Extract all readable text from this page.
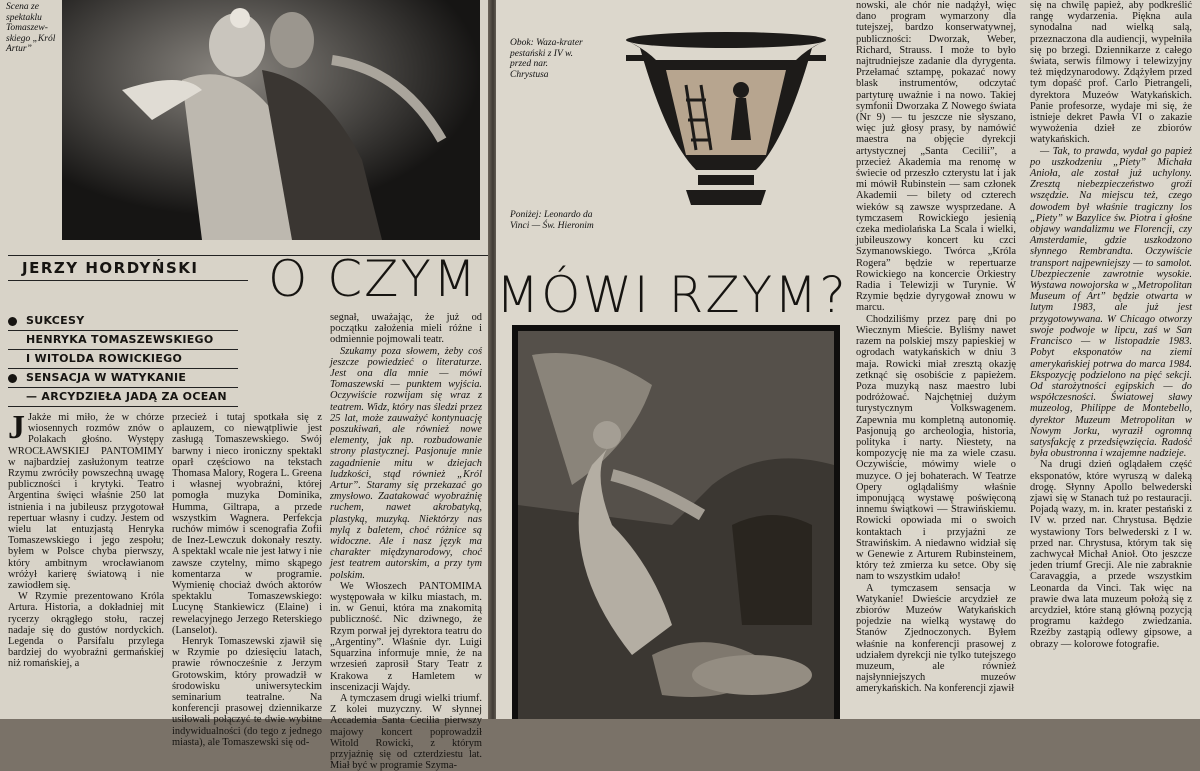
Scena ze spektaklu Tomaszew-skiego „Król Artur”
JERZY HORDYŃSKI O CZYM
SUKCESY
HENRYKA TOMASZEWSKIEGO
I WITOLDA ROWICKIEGO
SENSACJA W WATYKANIE
— ARCYDZIEŁA JADĄ ZA OCEAN

J Jakże mi miło, że w chórze wiosennych rozmów znów o Polakach głośno. Występy WROCŁAWSKIEJ PANTOMIMY w najbardziej zasłużonym teatrze Rzymu zwróciły powszechną uwagę publiczności i krytyki. Teatro Argentina święci właśnie 250 lat istnienia i na jubileusz przygotował repertuar własny i cudzy. Jestem od wielu lat entuzjastą Henryka Tomaszewskiego i jego zespołu; byłem w Polsce chyba pierwszy, który ambitnym wrocławianom wróżył karierę światową i nie zawiodłem się.

W Rzymie prezentowano Króla Artura. Historia, a dokładniej mit rycerzy okrągłego stołu, raczej nadaje się do gustów nordyckich. Legenda o Parsifalu przylega bardziej do wyobraźni germańskiej niż romańskiej, a

przecież i tutaj spotkała się z aplauzem, co niewątpliwie jest zasługą Tomaszewskiego. Swój barwny i nieco ironiczny spektakl oparł częściowo na tekstach Thomasa Malory, Rogera L. Greena i własnej wyobraźni, której pomogła muzyka Dominika, Humma, Giltrapa, a przede wszystkim Wagnera. Perfekcja ruchów mimów i scenografia Zofii de Inez-Lewczuk dokonały reszty. A spektakl wcale nie jest łatwy i nie zawsze czytelny, mimo skąpego komentarza w programie. Wymienię chociaż dwóch aktorów spektaklu Tomaszewskiego: Lucynę Stankiewicz (Elaine) i rewelacyjnego Jerzego Reterskiego (Lanselot).

Henryk Tomaszewski zjawił się w Rzymie po dziesięciu latach, prawie równocześnie z Jerzym Grotowskim, który prowadził w środowisku uniwersyteckim seminarium teatralne. Na konferencji prasowej dziennikarze usiłowali połączyć te dwie wybitne indywidualności (do tego z jednego miasta), ale Tomaszewski się od-

segnał, uważając, że już od początku założenia mieli różne i odmiennie pojmowali teatr.

Szukamy poza słowem, żeby coś jeszcze powiedzieć o literaturze. Jest ona dla mnie — mówi Tomaszewski — punktem wyjścia. Oczywiście rozwijam się wraz z teatrem. Widz, który nas śledzi przez 25 lat, może zauważyć kontynuację poszukiwań, ale również nowe elementy, jak np. rozbudowanie strony plastycznej. Pasjonuje mnie zagadnienie mitu w dziejach ludzkości, stąd również „Król Artur”. Staramy się przekazać go zmysłowo. Zaatakować wyobraźnię ruchem, nawet akrobatyką, plastyką, muzyką. Niektórzy nas mylą z baletem, choć różnice są widoczne. Ale i nasz język ma charakter międzynarodowy, choć jest teatrem autorskim, a przy tym polskim.

We Włoszech PANTOMIMA występowała w kilku miastach, m. in. w Genui, która ma znakomitą publiczność. Nic dziwnego, że Rzym porwał jej dyrektora teatru do „Argentiny”. Właśnie dyr. Luigi Squarzina informuje mnie, że na wrzesień zaprosił Stary Teatr z Krakowa z Hamletem w inscenizacji Wajdy.

A tymczasem drugi wielki triumf. Z kolei muzyczny. W słynnej Accademia Santa Cecilia pierwszy majowy koncert poprowadził Witold Rowicki, z którym przyjaźnię się od czterdziestu lat. Miał być w programie Szyma-

Obok: Waza-krater pestański z IV w. przed nar. Chrystusa
Poniżej: Leonardo da Vinci — Św. Hieronim
MÓWI RZYM?

nowski, ale chór nie nadążył, więc dano program wymarzony dla tutejszej, bardzo konserwatywnej, publiczności: Dworzak, Weber, Richard, Strauss. I może to było najtrudniejsze zadanie dla dyrygenta. Przełamać sztampę, pokazać nowy blask instrumentów, odczytać partyturę uważnie i na nowo. Takiej symfonii Dworzaka Z Nowego świata (Nr 9) — tu jeszcze nie słyszano, więc już głosy prasy, by namówić maestra na objęcie dyrekcji artystycznej „Santa Cecilii”, a przecież Akademia ma renomę w świecie od przeszło czterystu lat i jak mi mówił Rubinstein — sam członek Akademii — bilety od czterech wieków są zawsze wysprzedane. A tymczasem Rowickiego jesienią czeka mediolańska La Scala i wielki, jubileuszowy koncert ku czci Szymanowskiego. Twórca „Króla Rogera” będzie w repertuarze Rowickiego na koncercie Orkiestry Radia i Telewizji w Turynie. W Rzymie będzie dyrygował znowu w marcu.

Chodziliśmy przez parę dni po Wiecznym Mieście. Byliśmy nawet razem na polskiej mszy papieskiej w ogrodach watykańskich w dniu 3 maja. Rowicki miał zresztą okazję zetknąć się osobiście z papieżem. Poza muzyką nasz maestro lubi podróżować. Najchętniej dużym turystycznym Volkswagenem. Zapewnia mu kompletną autonomię. Pasjonują go archeologia, historia, polityka i narty. Niestety, na kompozycję nie ma za wiele czasu. Oczywiście, mówimy wiele o muzyce. O jej bohaterach. W Teatrze Opery oglądaliśmy właśnie imponującą wystawę poświęconą innemu świątkowi — Strawińskiemu. Rowicki opowiada mi o swoich kontaktach i przyjaźni ze Strawińskim. A niedawno widział się w Genewie z Arturem Rubinsteinem, który też zmierza ku setce. Oby się nam to wszystkim udało!

A tymczasem sensacja w Watykanie! Dwieście arcydzieł ze zbiorów Muzeów Watykańskich pojedzie na wielką wystawę do Stanów Zjednoczonych. Byłem właśnie na konferencji prasowej z udziałem dyrekcji nie tylko tutejszego muzeum, ale również najsłynniejszych muzeów amerykańskich. Na konferencji zjawił

się na chwilę papież, aby podkreślić rangę wydarzenia. Piękna aula synodalna nad wielką salą, przeznaczona dla audiencji, wypełniła się po brzegi. Dziennikarze z całego świata, serwis filmowy i telewizyjny też międzynarodowy. Zdążyłem przed tym dopaść prof. Carlo Pietrangeli, dyrektora Muzeów Watykańskich. Panie profesorze, wydaje mi się, że istnieje dekret Pawła VI o zakazie wywożenia dzieł ze zbiorów watykańskich.

— Tak, to prawda, wydał go papież po uszkodzeniu „Piety” Michała Anioła, ale został już uchylony. Zresztą niebezpieczeństwo groźi wszędzie. Na miejscu też, czego dowodem był właśnie tragiczny los „Piety” w Bazylice św. Piotra i głośne objawy wandalizmu we Florencji, czy Amsterdamie, gdzie uszkodzono słynnego Rembrandta. Oczywiście transport najpewniejszy — to samolot. Ubezpieczenie zawrotnie wysokie. Wystawa nowojorska w „Metropolitan Museum of Art” będzie otwarta w lutym 1983, ale już jest przygotowywana. W Chicago otworzy swoje podwoje w lipcu, zaś w San Francisco — w listopadzie 1983. Pobyt eksponatów na ziemi amerykańskiej potrwa do marca 1984. Ekspozycję podzielono na pięć sekcji. Od starożytności egipskich — do współczesności. Światowej sławy muzeolog, Philippe de Montebello, dyrektor Muzeum Metropolitan w Nowym Jorku, wyraził ogromną satysfakcję z przedsięwzięcia. Radość była obustronna i wzajemne nadzieje.

Na drugi dzień oglądałem część eksponatów, które wyruszą w daleką drogę. Słynny Apollo belwederski zjawi się w Stanach tuż po restauracji. Pojadą wazy, m. in. krater pestański z IV w. przed nar. Chrystusa. Będzie wystawiony Tors belwederski z I w. przed nar. Chrystusa, którym tak się zachwycał Michał Anioł. Oto jeszcze jeden triumf Grecji. Ale nie zabraknie Caravaggia, a przede wszystkim Leonarda da Vinci. Tak więc na prawie dwa lata muzeum położą się z arcydzieł, które staną główną pozycją programu każdego zwiedzania. Rzeźby zastąpią odlewy gipsowe, a obrazy — kolorowe fotografie.
